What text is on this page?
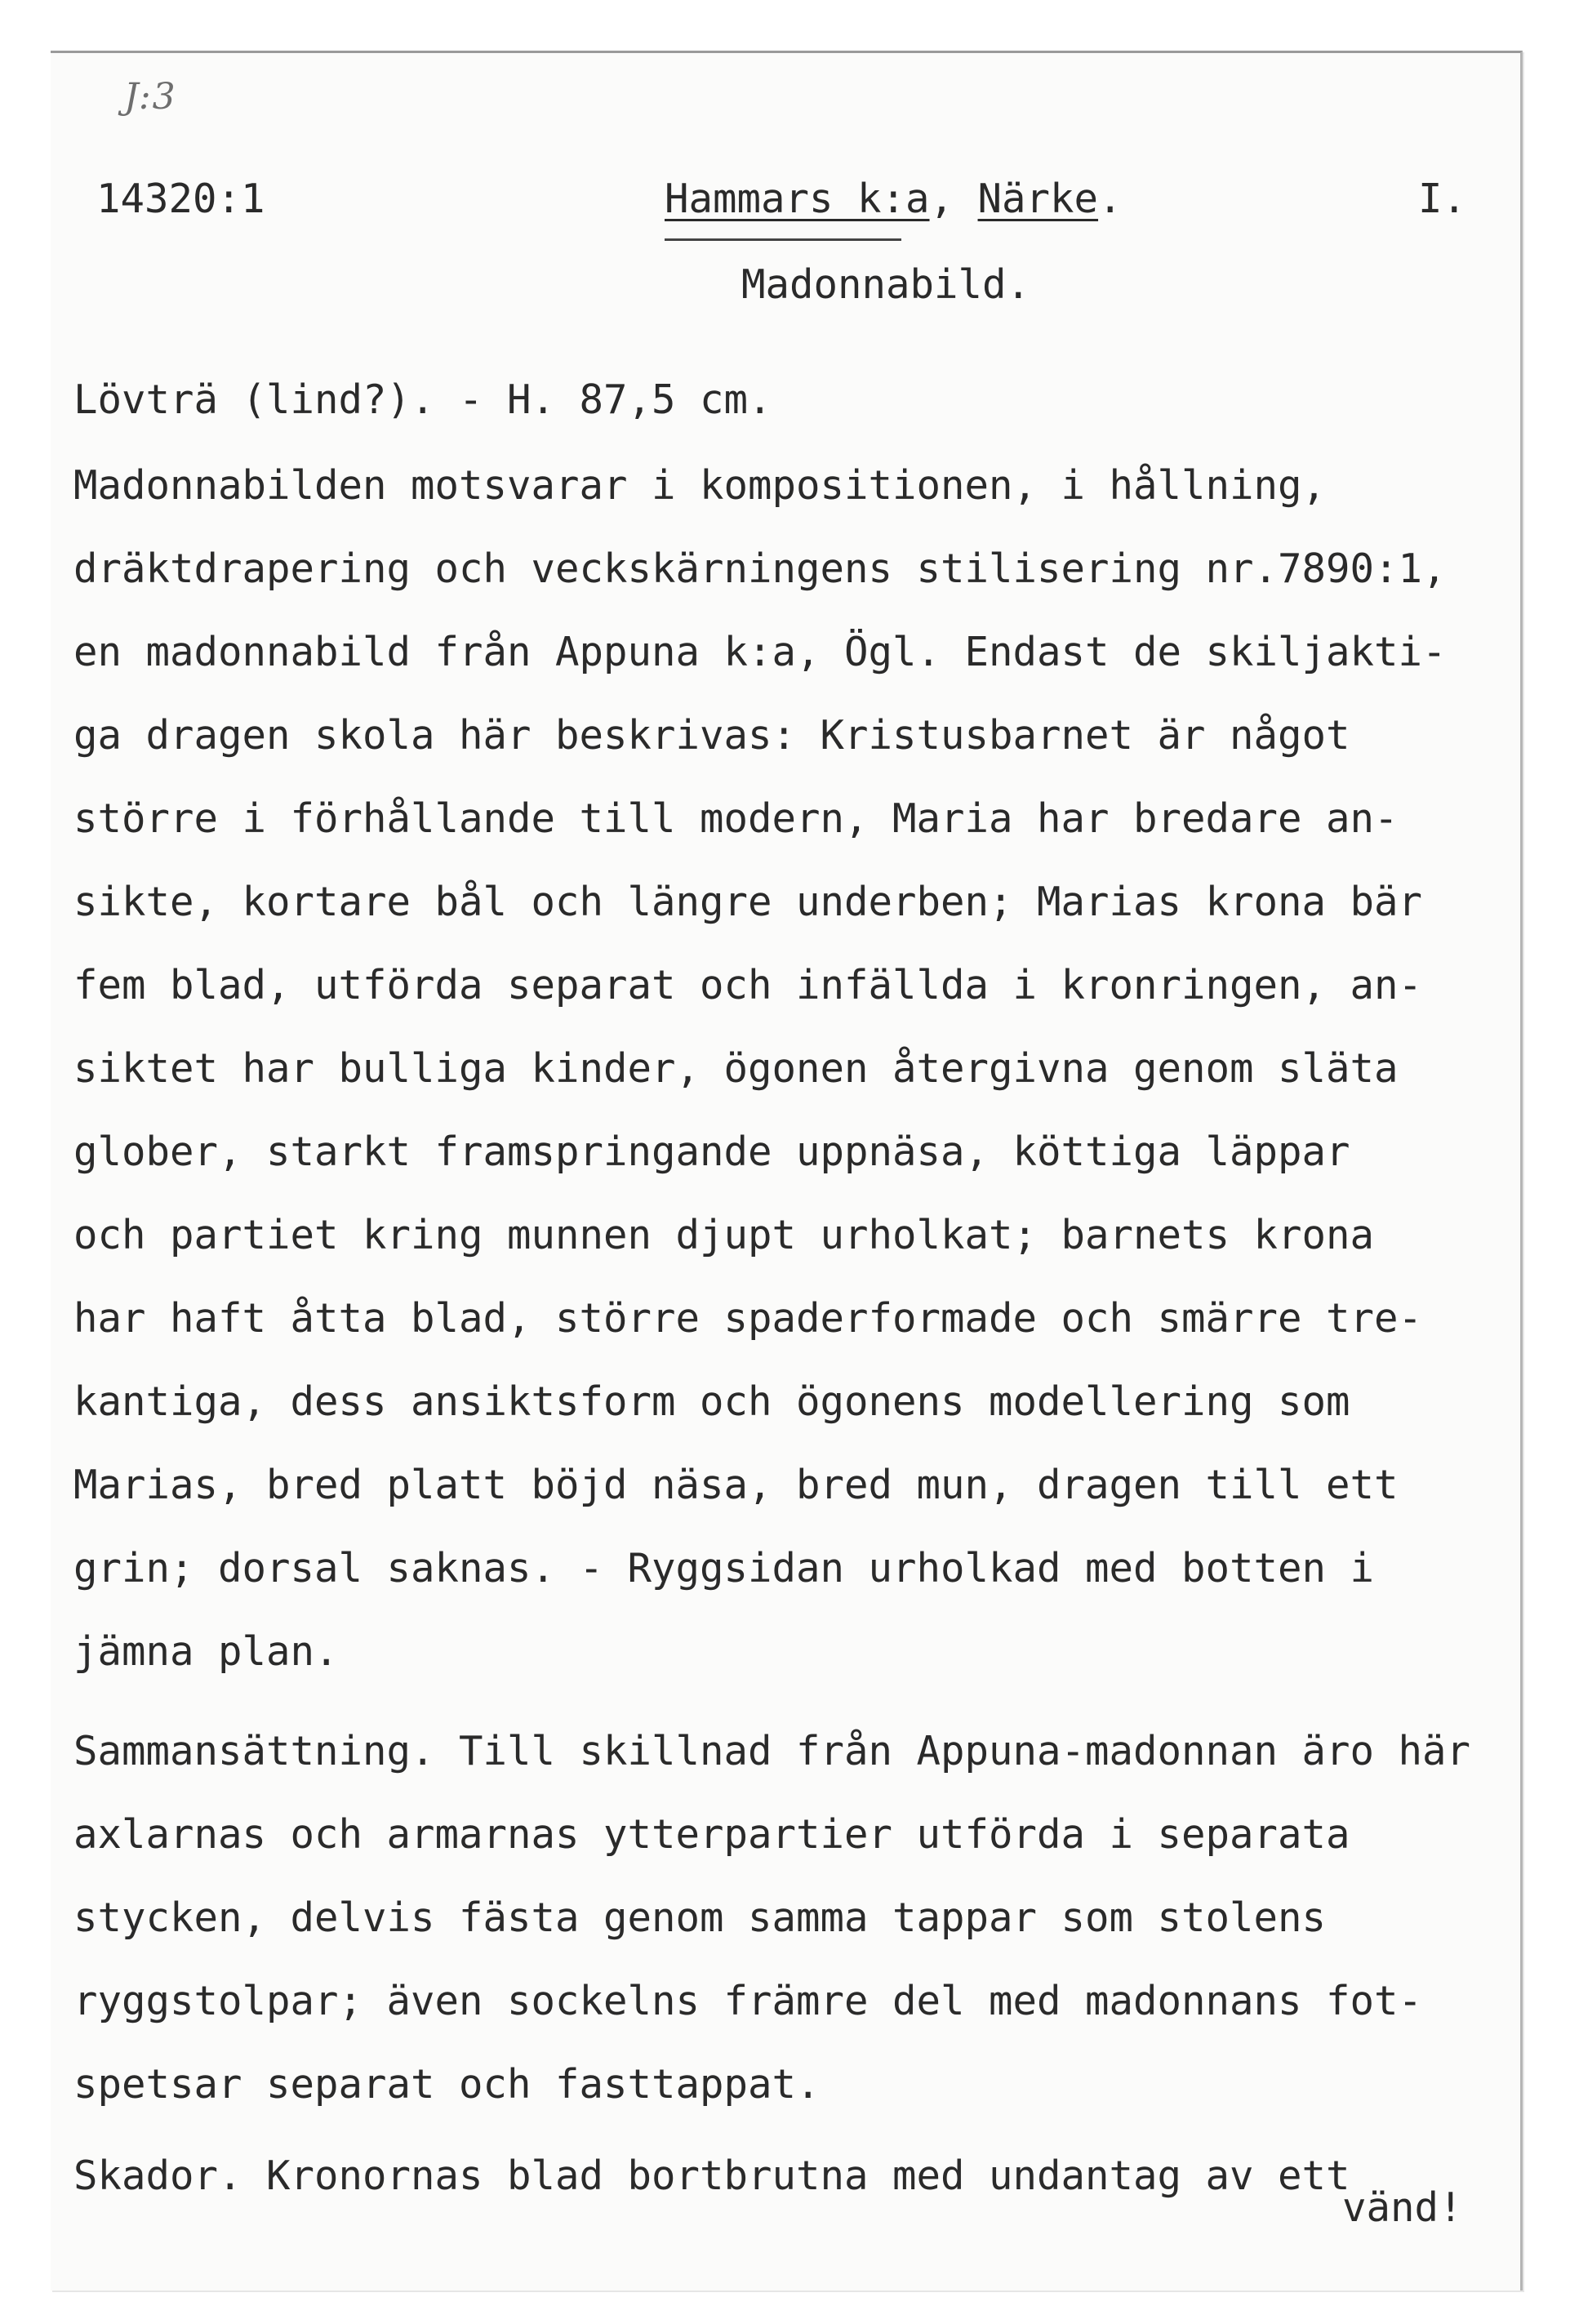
J:3
14320:1	Hammars k:a, Närke.	I.
Madonnabild.
Lövträ (lind?). - H. 87,5 cm.
Madonnabilden motsvarar i kompositionen, i hållning,
dräktdrapering och veckskärningens stilisering nr.7890:1,
en madonnabild från Appuna k:a, Ögl. Endast de skiljakti-
ga dragen skola här beskrivas: Kristusbarnet är något
större i förhållande till modern, Maria har bredare an-
sikte, kortare bål och längre underben; Marias krona bär
fem blad, utförda separat och infällda i kronringen, an-
siktet har bulliga kinder, ögonen återgivna genom släta
glober, starkt framspringande uppnäsa, köttiga läppar
och partiet kring munnen djupt urholkat; barnets krona
har haft åtta blad, större spaderformade och smärre tre-
kantiga, dess ansiktsform och ögonens modellering som
Marias, bred platt böjd näsa, bred mun, dragen till ett
grin; dorsal saknas. - Ryggsidan urholkad med botten i
jämna plan.
Sammansättning. Till skillnad från Appuna-madonnan äro här
axlarnas och armarnas ytterpartier utförda i separata
stycken, delvis fästa genom samma tappar som stolens
ryggstolpar; även sockelns främre del med madonnans fot-
spetsar separat och fasttappat.
Skador. Kronornas blad bortbrutna med undantag av ett
vänd!
